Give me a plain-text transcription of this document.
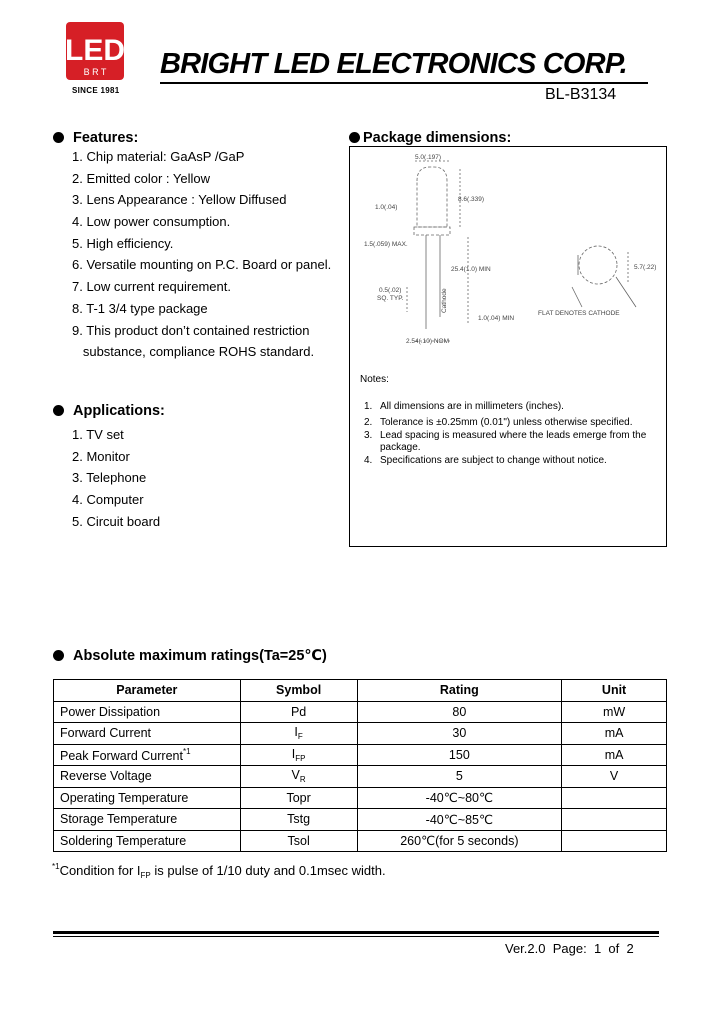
LED
B R T
SINCE 1981
BRIGHT LED ELECTRONICS CORP.
BL-B3134
Features:
1. Chip material: GaAsP /GaP
2. Emitted color : Yellow
3. Lens Appearance : Yellow Diffused
4. Low power consumption.
5. High efficiency.
6. Versatile mounting on P.C. Board or panel.
7. Low current requirement.
8. T-1 3/4 type package
9. This product don’t contained restriction
substance, compliance ROHS standard.
Applications:
1. TV set
2. Monitor
3. Telephone
4. Computer
5. Circuit board
Package dimensions:
5.0(.197)
8.6(.339)
1.0(.04)
1.5(.059) MAX.
25.4(1.0) MIN
0.5(.02)
SQ. TYP.	Cathode
1.0(.04) MIN
2.54(.10) NOM
5.7(.22)
FLAT DENOTES CATHODE
Notes:
1. All dimensions are in millimeters (inches).
2. Tolerance is ±0.25mm (0.01") unless otherwise specified.
3. Lead spacing is measured where the leads emerge from the package.
4. Specifications are subject to change without notice.
Absolute maximum ratings(Ta=25℃)
Parameter	Symbol	Rating	Unit
Power Dissipation	Pd	80	mW
Forward Current	$I_F$	30	mA
Peak Forward Current$^{*1}$	$I_{FP}$	150	mA
Reverse Voltage	$V_R$	5	V
Operating Temperature	Topr	-40℃~80℃	
Storage Temperature	Tstg	-40℃~85℃	
Soldering Temperature	Tsol	260℃(for 5 seconds)	
$^{*1}$Condition for $I_{FP}$ is pulse of 1/10 duty and 0.1msec width.
Ver.2.0 Page: 1 of 2
